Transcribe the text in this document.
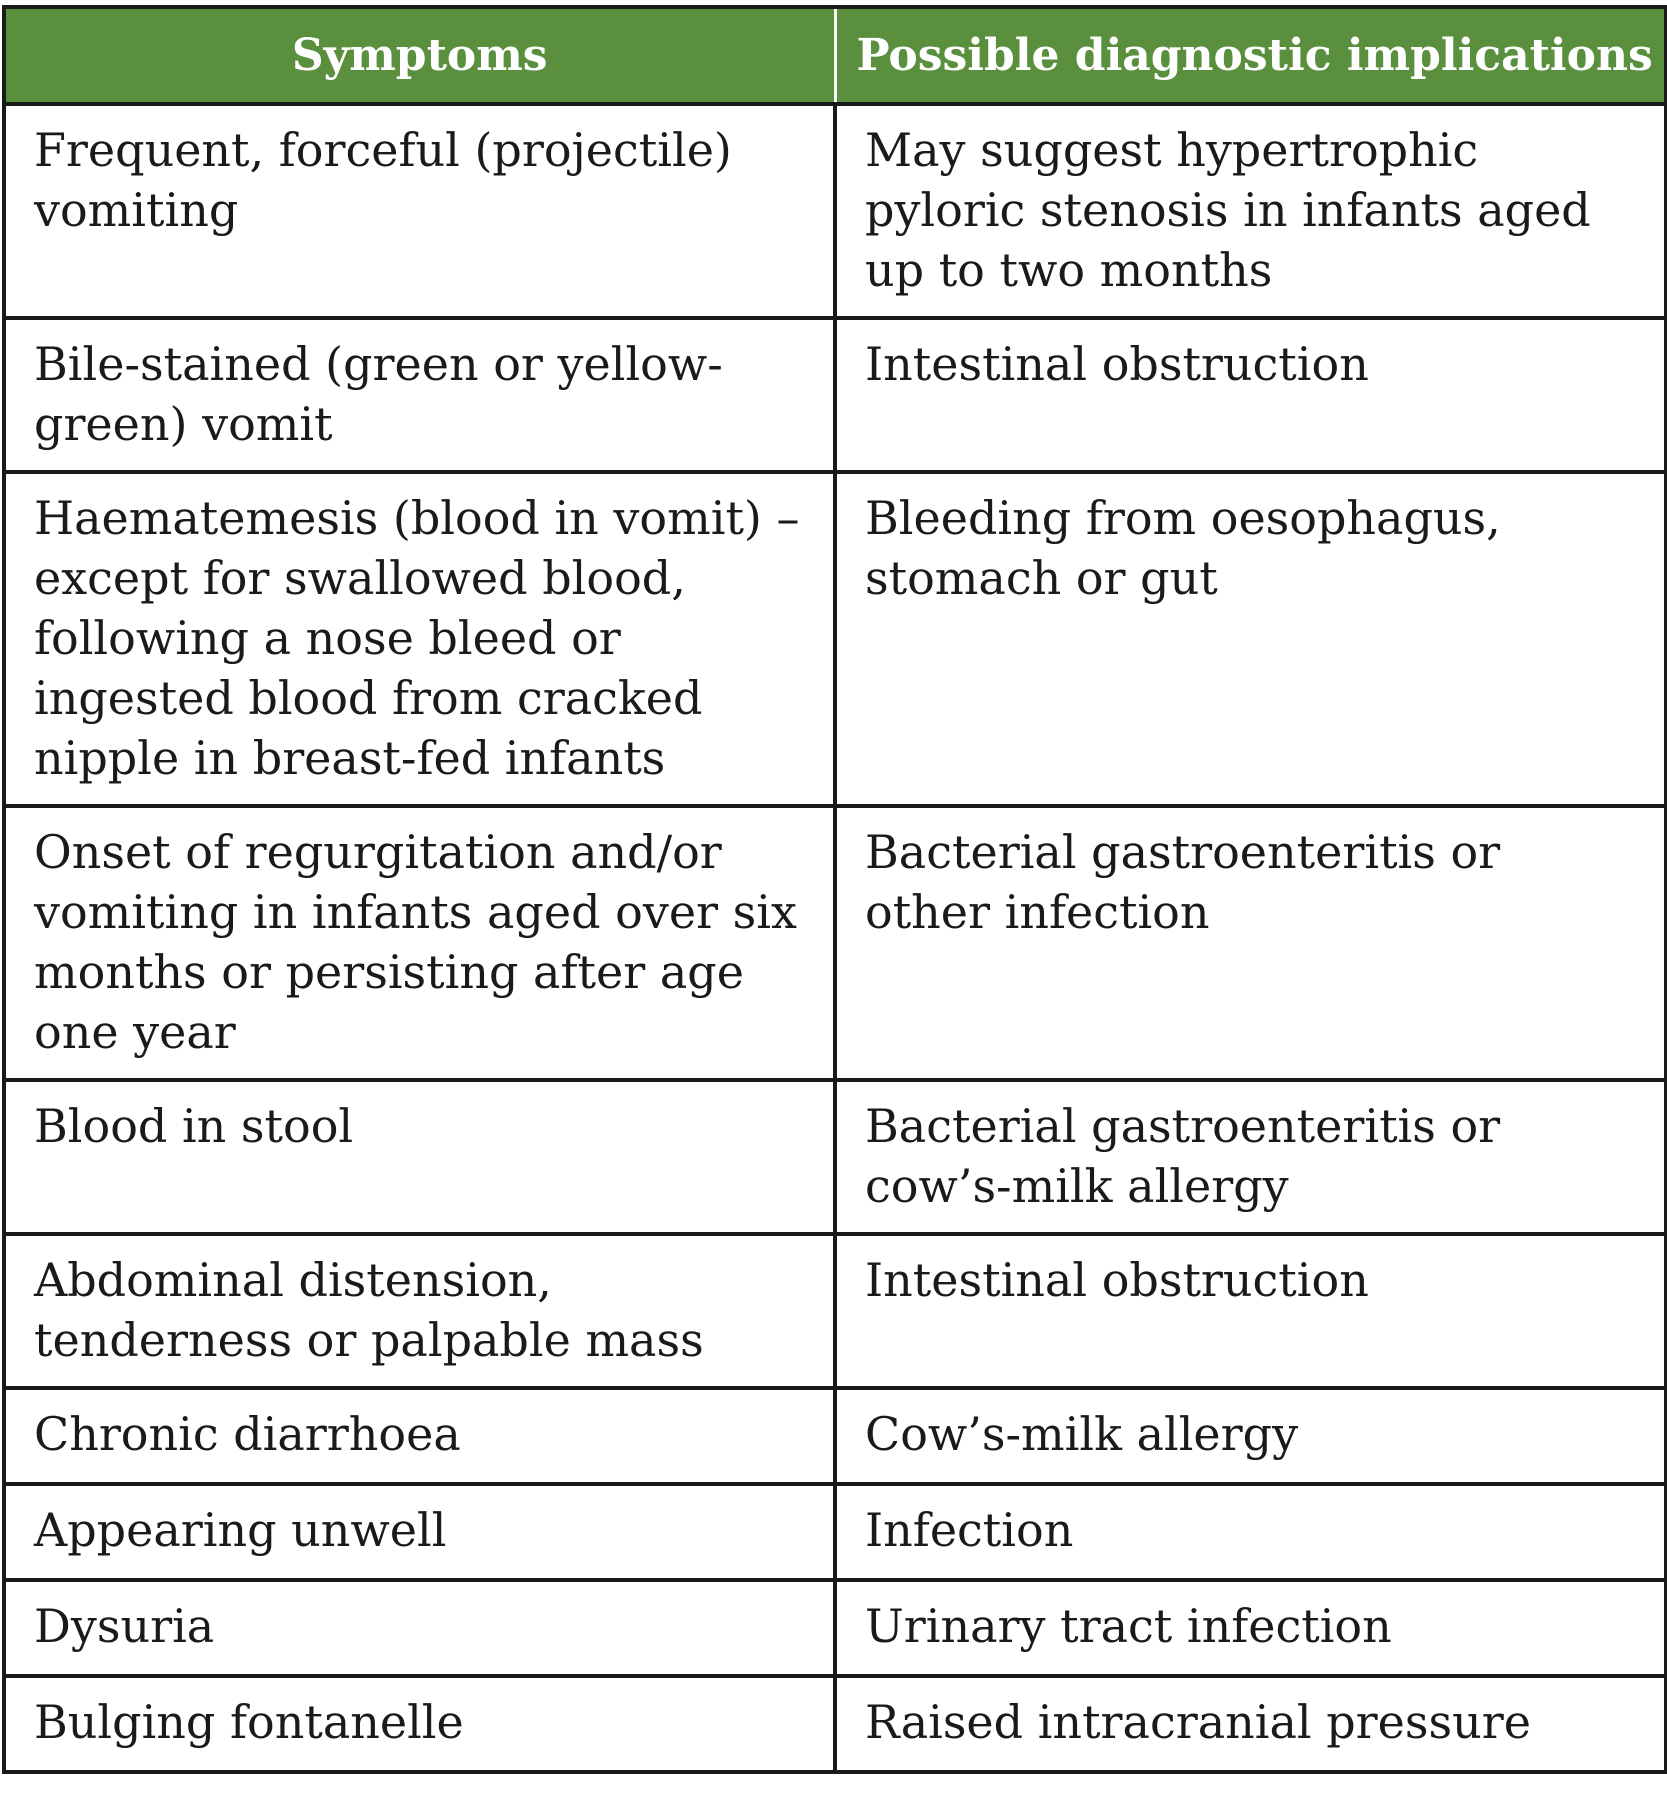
Symptoms	Possible diagnostic implications
Frequent, forceful (projectile) vomiting	May suggest hypertrophic pyloric stenosis in infants aged up to two months
Bile-stained (green or yellow-green) vomit	Intestinal obstruction
Haematemesis (blood in vomit) – except for swallowed blood, following a nose bleed or ingested blood from cracked nipple in breast-fed infants	Bleeding from oesophagus, stomach or gut
Onset of regurgitation and/or vomiting in infants aged over six months or persisting after age one year	Bacterial gastroenteritis or other infection
Blood in stool	Bacterial gastroenteritis or cow’s-milk allergy
Abdominal distension, tenderness or palpable mass	Intestinal obstruction
Chronic diarrhoea	Cow’s-milk allergy
Appearing unwell	Infection
Dysuria	Urinary tract infection
Bulging fontanelle	Raised intracranial pressure
